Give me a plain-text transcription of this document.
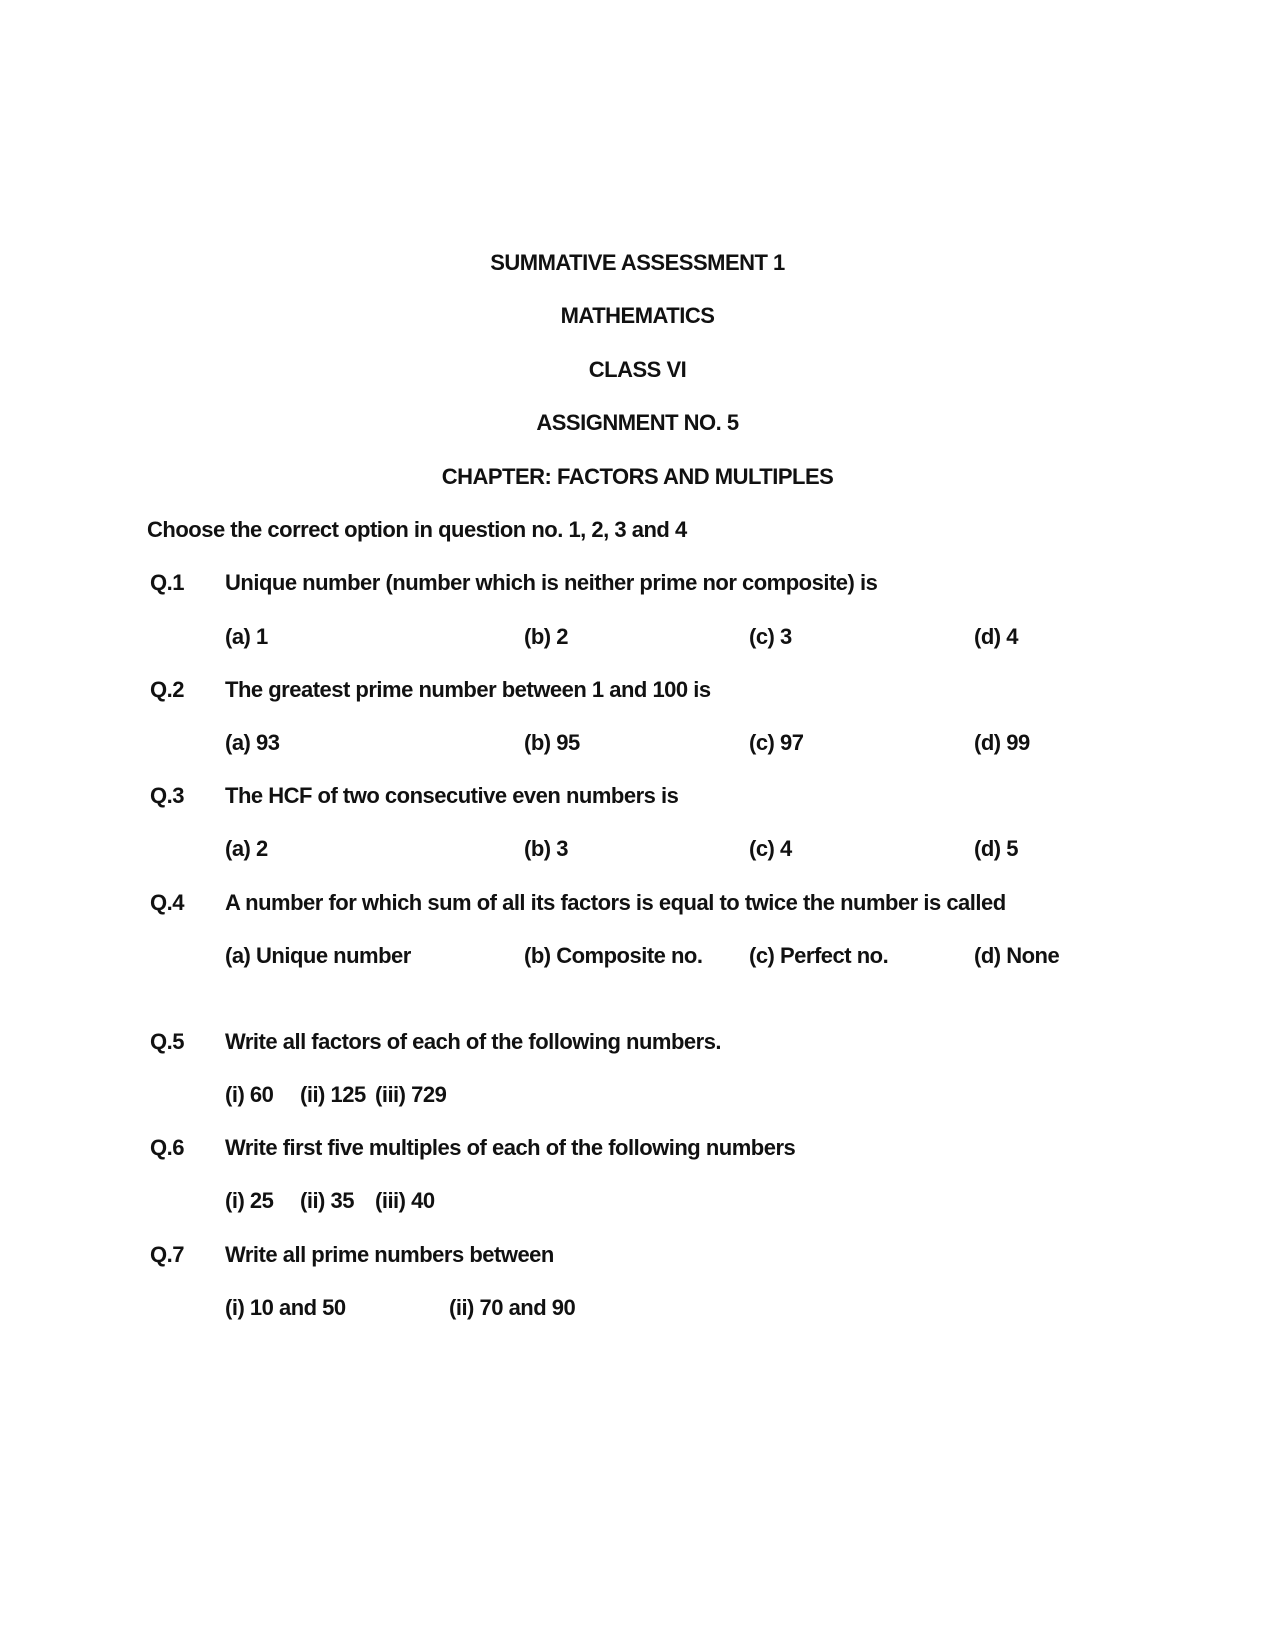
SUMMATIVE ASSESSMENT 1
MATHEMATICS
CLASS VI
ASSIGNMENT NO. 5
CHAPTER: FACTORS AND MULTIPLES
Choose the correct option in question no. 1, 2, 3 and 4
Q.1 Unique number (number which is neither prime nor composite) is
(a) 1	(b) 2	(c) 3	(d) 4
Q.2 The greatest prime number between 1 and 100 is
(a) 93	(b) 95	(c) 97	(d) 99
Q.3 The HCF of two consecutive even numbers is
(a) 2	(b) 3	(c) 4	(d) 5
Q.4 A number for which sum of all its factors is equal to twice the number is called
(a) Unique number	(b) Composite no. (c) Perfect no.	(d) None
Q.5 Write all factors of each of the following numbers.
(i) 60 (ii) 125 (iii) 729
Q.6 Write first five multiples of each of the following numbers
(i) 25 (ii) 35 (iii) 40
Q.7 Write all prime numbers between
(i) 10 and 50	(ii) 70 and 90
